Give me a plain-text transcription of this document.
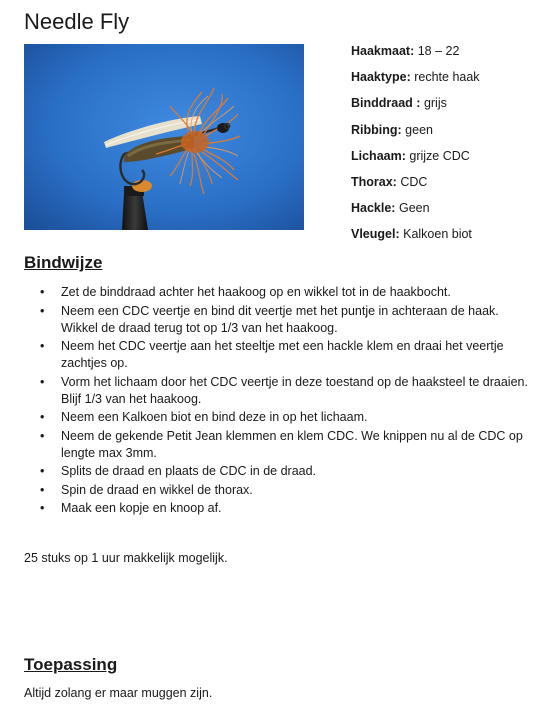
Needle Fly
Haakmaat: 18 – 22
Haaktype: rechte haak
Binddraad : grijs
Ribbing: geen
Lichaam: grijze CDC
Thorax: CDC
Hackle: Geen
Vleugel: Kalkoen biot
Bindwijze
• Zet de binddraad achter het haakoog op en wikkel tot in de haakbocht.
• Neem een CDC veertje en bind dit veertje met het puntje in achteraan de haak. Wikkel de draad terug tot op 1/3 van het haakoog.
• Neem het CDC veertje aan het steeltje met een hackle klem en draai het veertje zachtjes op.
• Vorm het lichaam door het CDC veertje in deze toestand op de haaksteel te draaien. Blijf 1/3 van het haakoog.
• Neem een Kalkoen biot en bind deze in op het lichaam.
• Neem de gekende Petit Jean klemmen en klem CDC. We knippen nu al de CDC op lengte max 3mm.
• Splits de draad en plaats de CDC in de draad.
• Spin de draad en wikkel de thorax.
• Maak een kopje en knoop af.

25 stuks op 1 uur makkelijk mogelijk.

Toepassing

Altijd zolang er maar muggen zijn.
